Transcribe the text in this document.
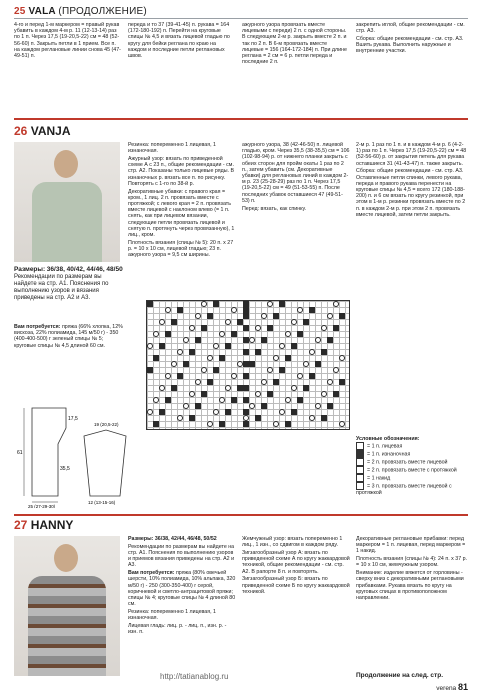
25 VALA (ПРОДОЛЖЕНИЕ)

4-го и перед 1-м маркером = правый рукав убавить в каждом 4-м р. 11 (12-13-14) раз по 1 п. Через 17,5 (19-20,5-22) см = 48 (52-56-60) п. Закрыть петли в 1 прием. Все п. на каждом реглановые линии снова 45 (47-49-51) п.

переда и то 37 (39-41-45) п. рукава = 164 (172-180-192) п. Перейти на круговые спицы № 4,5 и вязать лицевой гладью по кругу для бейки реглана по краю на каждом и последние петли реглановых швов.

ажурного узора провязать вместе лицевыми с переди) 2 п. с одной стороны. В следующем 2-м р. закрыть вместе 2 п. и так по 2 п. В 6-м провязать вместе лицевые = 156 (164-172-184) п. При длине реглана = 2 см = 6 р. петли переда и последние 2 п.

закрепить иглой, общие рекомендации - см. стр. А3.

Сборка: общие рекомендации - см. стр. А3. Вшить рукава. Выполнить наружные и внутренние участки.

26 VANJA
Размеры: 36/38, 40/42, 44/46, 48/50
Рекомендации по размерам вы найдете на стр. А1. Пояснения по выполнению узоров и вязания приведены на стр. А2 и А3.
Вам потребуется: пряжа (66% хлопка, 12% вискоза, 22% полиамида, 145 м/50 г) - 350 (400-400-500) г зеленый спицы № 5; круговые спицы № 4,5 длиной 60 см.
61
17,5
35,5
25 (27-29-30)
12 (13-15-16)
19 (20,5-22)

Резинка: попеременно 1 лицевая, 1 изнаночная.

Ажурный узор: вязать по приведенной схеме А с 23 п., общие рекомендации - см. стр. А2. Показаны только лицевые ряды. В изнаночных р. вязать все п. по рисунку. Повторять с 1-го по 38-й р.

Декоративные убавки: с правого края = кром., 1 лиц. 2 п. провязать вместе с протяжкой; с левого края = 2 п. провязать вместе лицевой с наклоном влево (= 1 п. снять, как при лицевом вязании, следующие петли провязать лицевой и снятую п. протянуть через провязанную), 1 лиц., кром.

Плотность вязания (спицы № 5): 20 п. х 27 р. = 10 х 10 см, лицевой гладью; 23 п. ажурного узора = 9,5 см ширины.

ажурного узора, 38 (42-46-50) п. лицевой гладью, кром. Через 35,5 (38-35,5) см = 106 (102-98-94) р. от нижнего планки закрыть с обеих сторон для пройм окаты 1 раз по 2 п., затем убавить (см. Декоративные убавки) для реглановых линий в каждом 2-м р. 23 (25-28-29) раз по 1 п. Через 17,5 (19-20,5-22) см = 49 (51-53-55) п. После последних убавок оставшиеся 47 (49-51-53) п.

Перед: вязать, как спинку.

2-м р. 1 раз по 1 п. и в каждом 4-м р. 6 (4-2-1) раз по 1 п. Через 17,5 (19-20,5-22) см = 48 (52-56-60) р. от закрытия петель для рукава оставшиеся 31 (41-43-47) п. также закрыть.

Сборка: общие рекомендации - см. стр. А3. Оставленные петли спинки, левого рукава, переда и правого рукава перенести на круговые спицы № 4,5 = всего 172 (180-188-200) п. и 6 см вязать по кругу резинкой, при этом в 1-м р. резинки провязать вместе по 2 п. в каждом 2-м р. при этом 2 п. провязать вместе лицевой, затем петли закрыть.

Условные обозначения:
= 1 п. лицевая
= 1 п. изнаночная
= 2 п. провязать вместе лицевой
= 2 п. провязать вместе с протяжкой
= 1 накид
= 3 п. провязать вместе лицевой с протяжкой
27 HANNY

Размеры: 36/38, 42/44, 46/48, 50/52

Рекомендации по размерам вы найдете на стр. А1. Пояснения по выполнению узоров и приемов вязания приведены на стр. А2 и А3.

Вам потребуется: пряжа (80% овечьей шерсти, 10% полиамида, 10% альпака, 320 м/50 г) - 250 (300-350-400) г серой, коричневой и светло-антрацитовой пряжи; спицы № 4; круговые спицы № 4 длиной 80 см.

Резинка: попеременно 1 лицевая, 1 изнаночная.

Лицевая гладь: лиц. р. - лиц. п., изн. р. - изн. п.

Жемчужный узор: вязать попеременно 1 лиц., 1 изн., со сдвигом в каждом ряду.

Зигзагообразный узор А: вязать по приведенной схеме А по кругу жаккардовой техникой, общие рекомендации - см. стр. А2. В рапорте 8 п. и повторять.

Зигзагообразный узор Б: вязать по приведенной схеме Б по кругу жаккардовой техникой.

Декоративные реглановые прибавки: перед маркером = 1 п. лицевая, перед маркером = 1 накид.

Плотность вязания (спицы № 4): 24 п. х 37 р. = 10 х 10 см, жемчужным узором.

Внимание: изделие вяжется от горловины - сверху вниз с декоративными реглановыми прибавками. Рукава вязать по кругу на круговых спицах в противоположном направлении.

http://tatianablog.ru	Продолжение на след. стр.
verena 81
